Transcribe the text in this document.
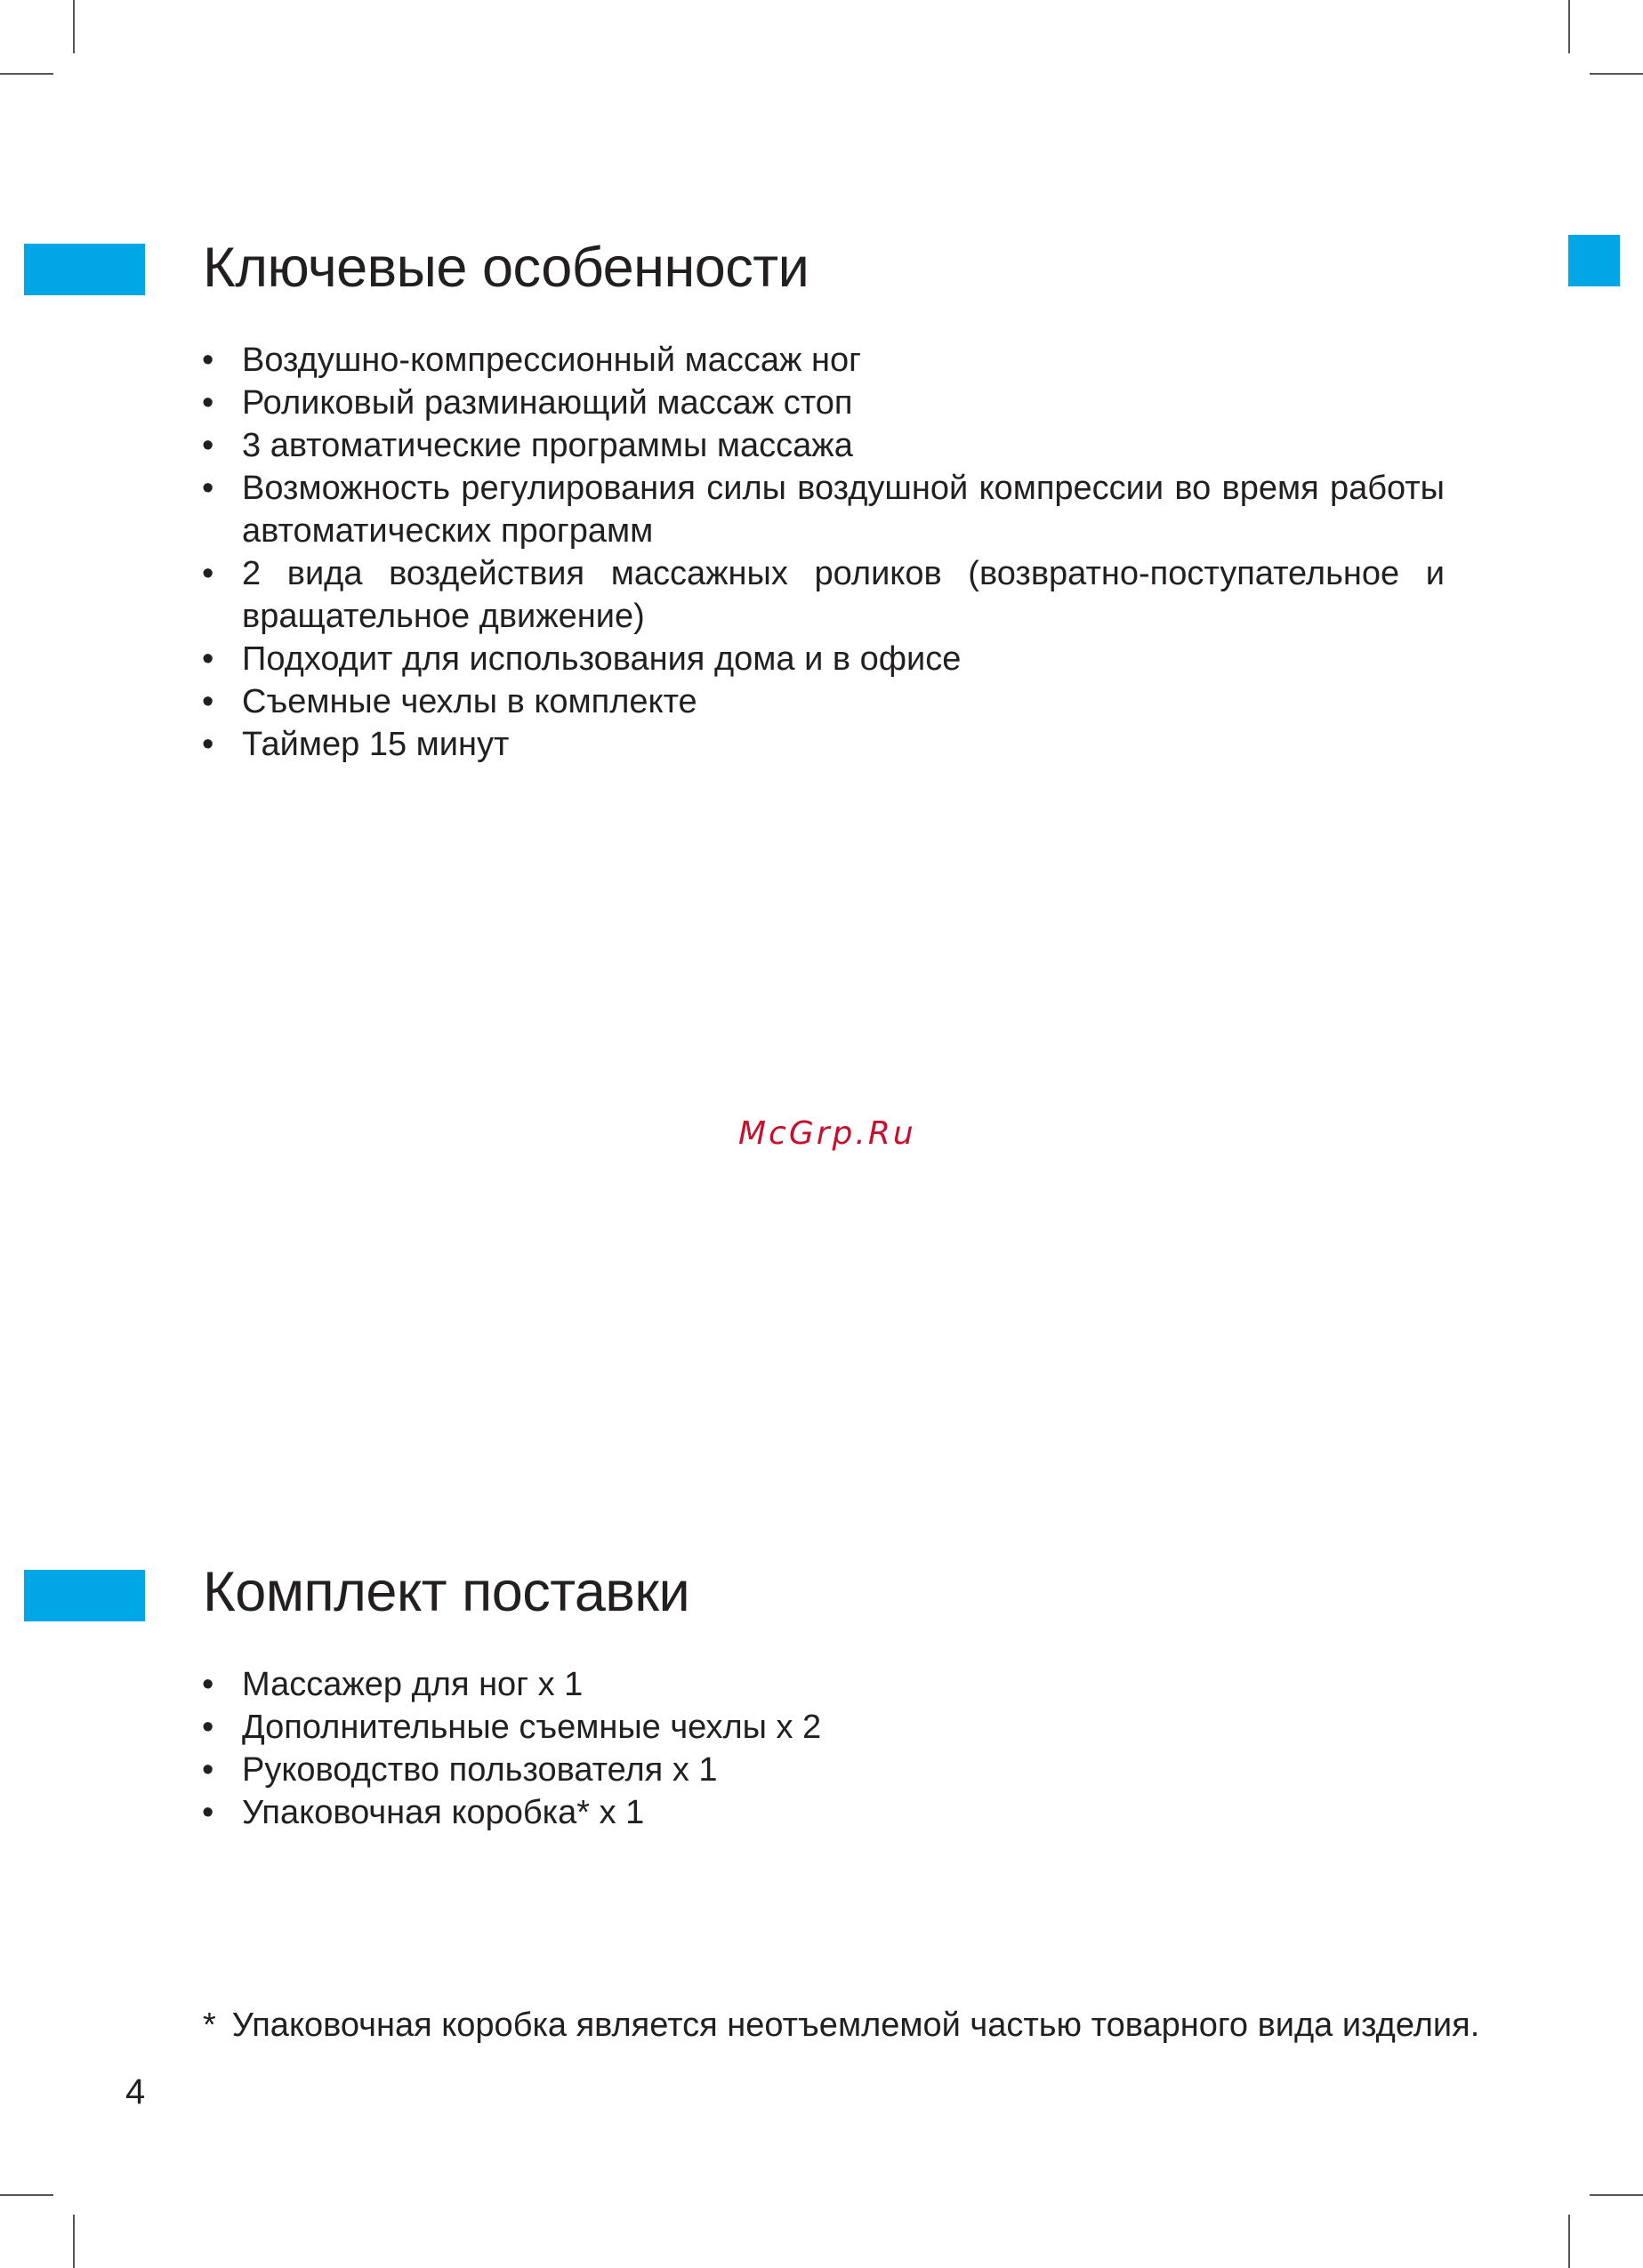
Ключевые особенности
• Воздушно-компрессионный массаж ног
• Роликовый разминающий массаж стоп
• 3 автоматические программы массажа
• Возможность регулирования силы воздушной компрессии во время работы автоматических программ
• 2 вида воздействия массажных роликов (возвратно-поступательное и вращательное движение)
• Подходит для использования дома и в офисе
• Съемные чехлы в комплекте
• Таймер 15 минут
McGrp.Ru
Комплект поставки
• Массажер для ног х 1
• Дополнительные съемные чехлы х 2
• Руководство пользователя х 1
• Упаковочная коробка* х 1
* Упаковочная коробка является неотъемлемой частью товарного вида изделия.
4
